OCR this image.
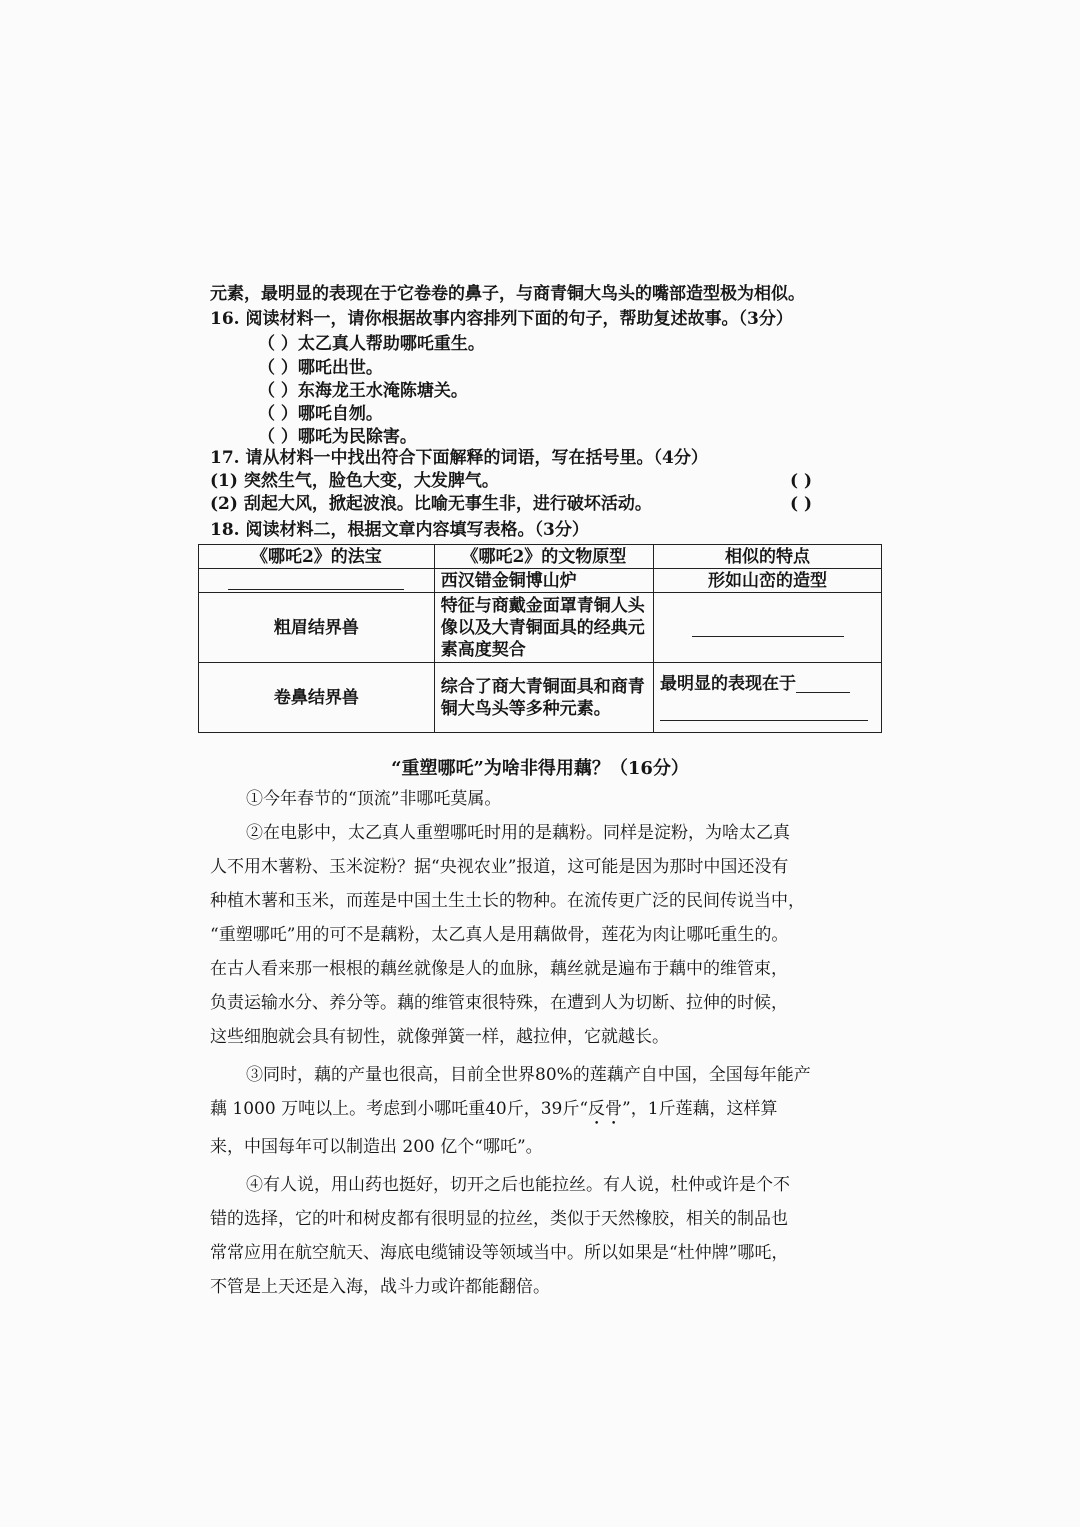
元素，最明显的表现在于它卷卷的鼻子，与商青铜大鸟头的嘴部造型极为相似。
16. 阅读材料一，请你根据故事内容排列下面的句子，帮助复述故事。（3分）
（ ）太乙真人帮助哪吒重生。
（ ）哪吒出世。
（ ）东海龙王水淹陈塘关。
（ ）哪吒自刎。
（ ）哪吒为民除害。
17. 请从材料一中找出符合下面解释的词语，写在括号里。（4分）
(1) 突然生气，脸色大变，大发脾气。	( )
(2) 刮起大风，掀起波浪。比喻无事生非，进行破坏活动。	( )
18. 阅读材料二，根据文章内容填写表格。（3分）
《哪吒2》的法宝	《哪吒2》的文物原型	相似的特点
	西汉错金铜博山炉	形如山峦的造型
粗眉结界兽	特征与商戴金面罩青铜人头像以及大青铜面具的经典元素高度契合	
卷鼻结界兽	综合了商大青铜面具和商青铜大鸟头等多种元素。	最明显的表现在于
“重塑哪吒”为啥非得用藕？（16分）
①今年春节的“顶流”非哪吒莫属。
②在电影中，太乙真人重塑哪吒时用的是藕粉。同样是淀粉，为啥太乙真
人不用木薯粉、玉米淀粉？据“央视农业”报道，这可能是因为那时中国还没有
种植木薯和玉米，而莲是中国土生土长的物种。在流传更广泛的民间传说当中，
“重塑哪吒”用的可不是藕粉，太乙真人是用藕做骨，莲花为肉让哪吒重生的。
在古人看来那一根根的藕丝就像是人的血脉，藕丝就是遍布于藕中的维管束，
负责运输水分、养分等。藕的维管束很特殊，在遭到人为切断、拉伸的时候，
这些细胞就会具有韧性，就像弹簧一样，越拉伸，它就越长。
③同时，藕的产量也很高，目前全世界80%的莲藕产自中国，全国每年能产
藕 1000 万吨以上。考虑到小哪吒重40斤，39斤“反骨”，1斤莲藕，这样算
来，中国每年可以制造出 200 亿个“哪吒”。
④有人说，用山药也挺好，切开之后也能拉丝。有人说，杜仲或许是个不
错的选择，它的叶和树皮都有很明显的拉丝，类似于天然橡胶，相关的制品也
常常应用在航空航天、海底电缆铺设等领域当中。所以如果是“杜仲牌”哪吒，
不管是上天还是入海，战斗力或许都能翻倍。
